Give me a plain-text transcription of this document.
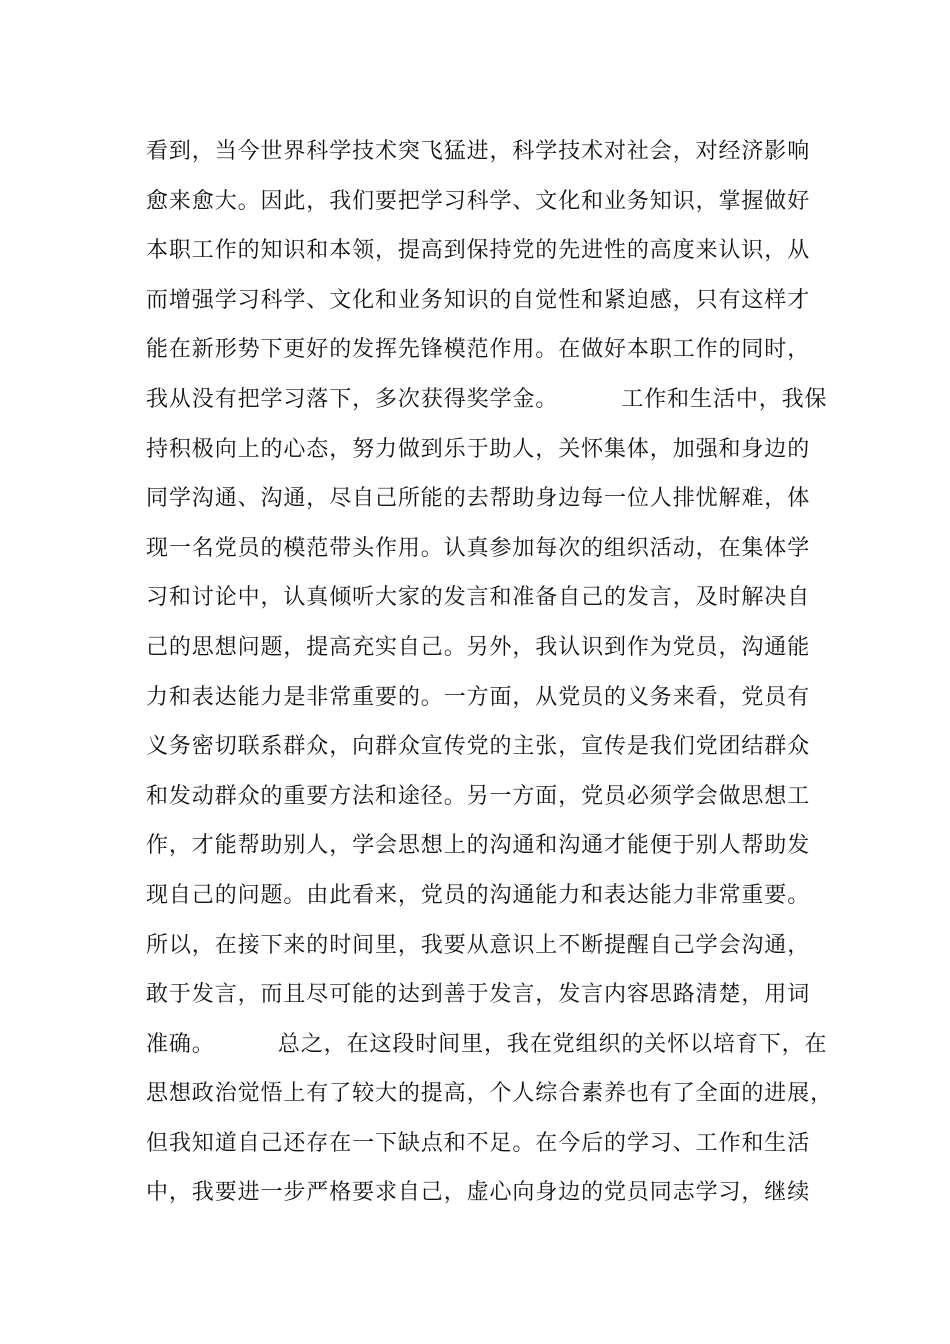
看到，当今世界科学技术突飞猛进，科学技术对社会，对经济影响
愈来愈大。因此，我们要把学习科学、文化和业务知识，掌握做好
本职工作的知识和本领，提高到保持党的先进性的高度来认识，从
而增强学习科学、文化和业务知识的自觉性和紧迫感，只有这样才
能在新形势下更好的发挥先锋模范作用。在做好本职工作的同时，
我从没有把学习落下，多次获得奖学金。        工作和生活中，我保
持积极向上的心态，努力做到乐于助人，关怀集体，加强和身边的
同学沟通、沟通，尽自己所能的去帮助身边每一位人排忧解难，体
现一名党员的模范带头作用。认真参加每次的组织活动，在集体学
习和讨论中，认真倾听大家的发言和准备自己的发言，及时解决自
己的思想问题，提高充实自己。另外，我认识到作为党员，沟通能
力和表达能力是非常重要的。一方面，从党员的义务来看，党员有
义务密切联系群众，向群众宣传党的主张，宣传是我们党团结群众
和发动群众的重要方法和途径。另一方面，党员必须学会做思想工
作，才能帮助别人，学会思想上的沟通和沟通才能便于别人帮助发
现自己的问题。由此看来，党员的沟通能力和表达能力非常重要。
所以，在接下来的时间里，我要从意识上不断提醒自己学会沟通，
敢于发言，而且尽可能的达到善于发言，发言内容思路清楚，用词
准确。        总之，在这段时间里，我在党组织的关怀以培育下，在
思想政治觉悟上有了较大的提高，个人综合素养也有了全面的进展，
但我知道自己还存在一下缺点和不足。在今后的学习、工作和生活
中，我要进一步严格要求自己，虚心向身边的党员同志学习，继续
